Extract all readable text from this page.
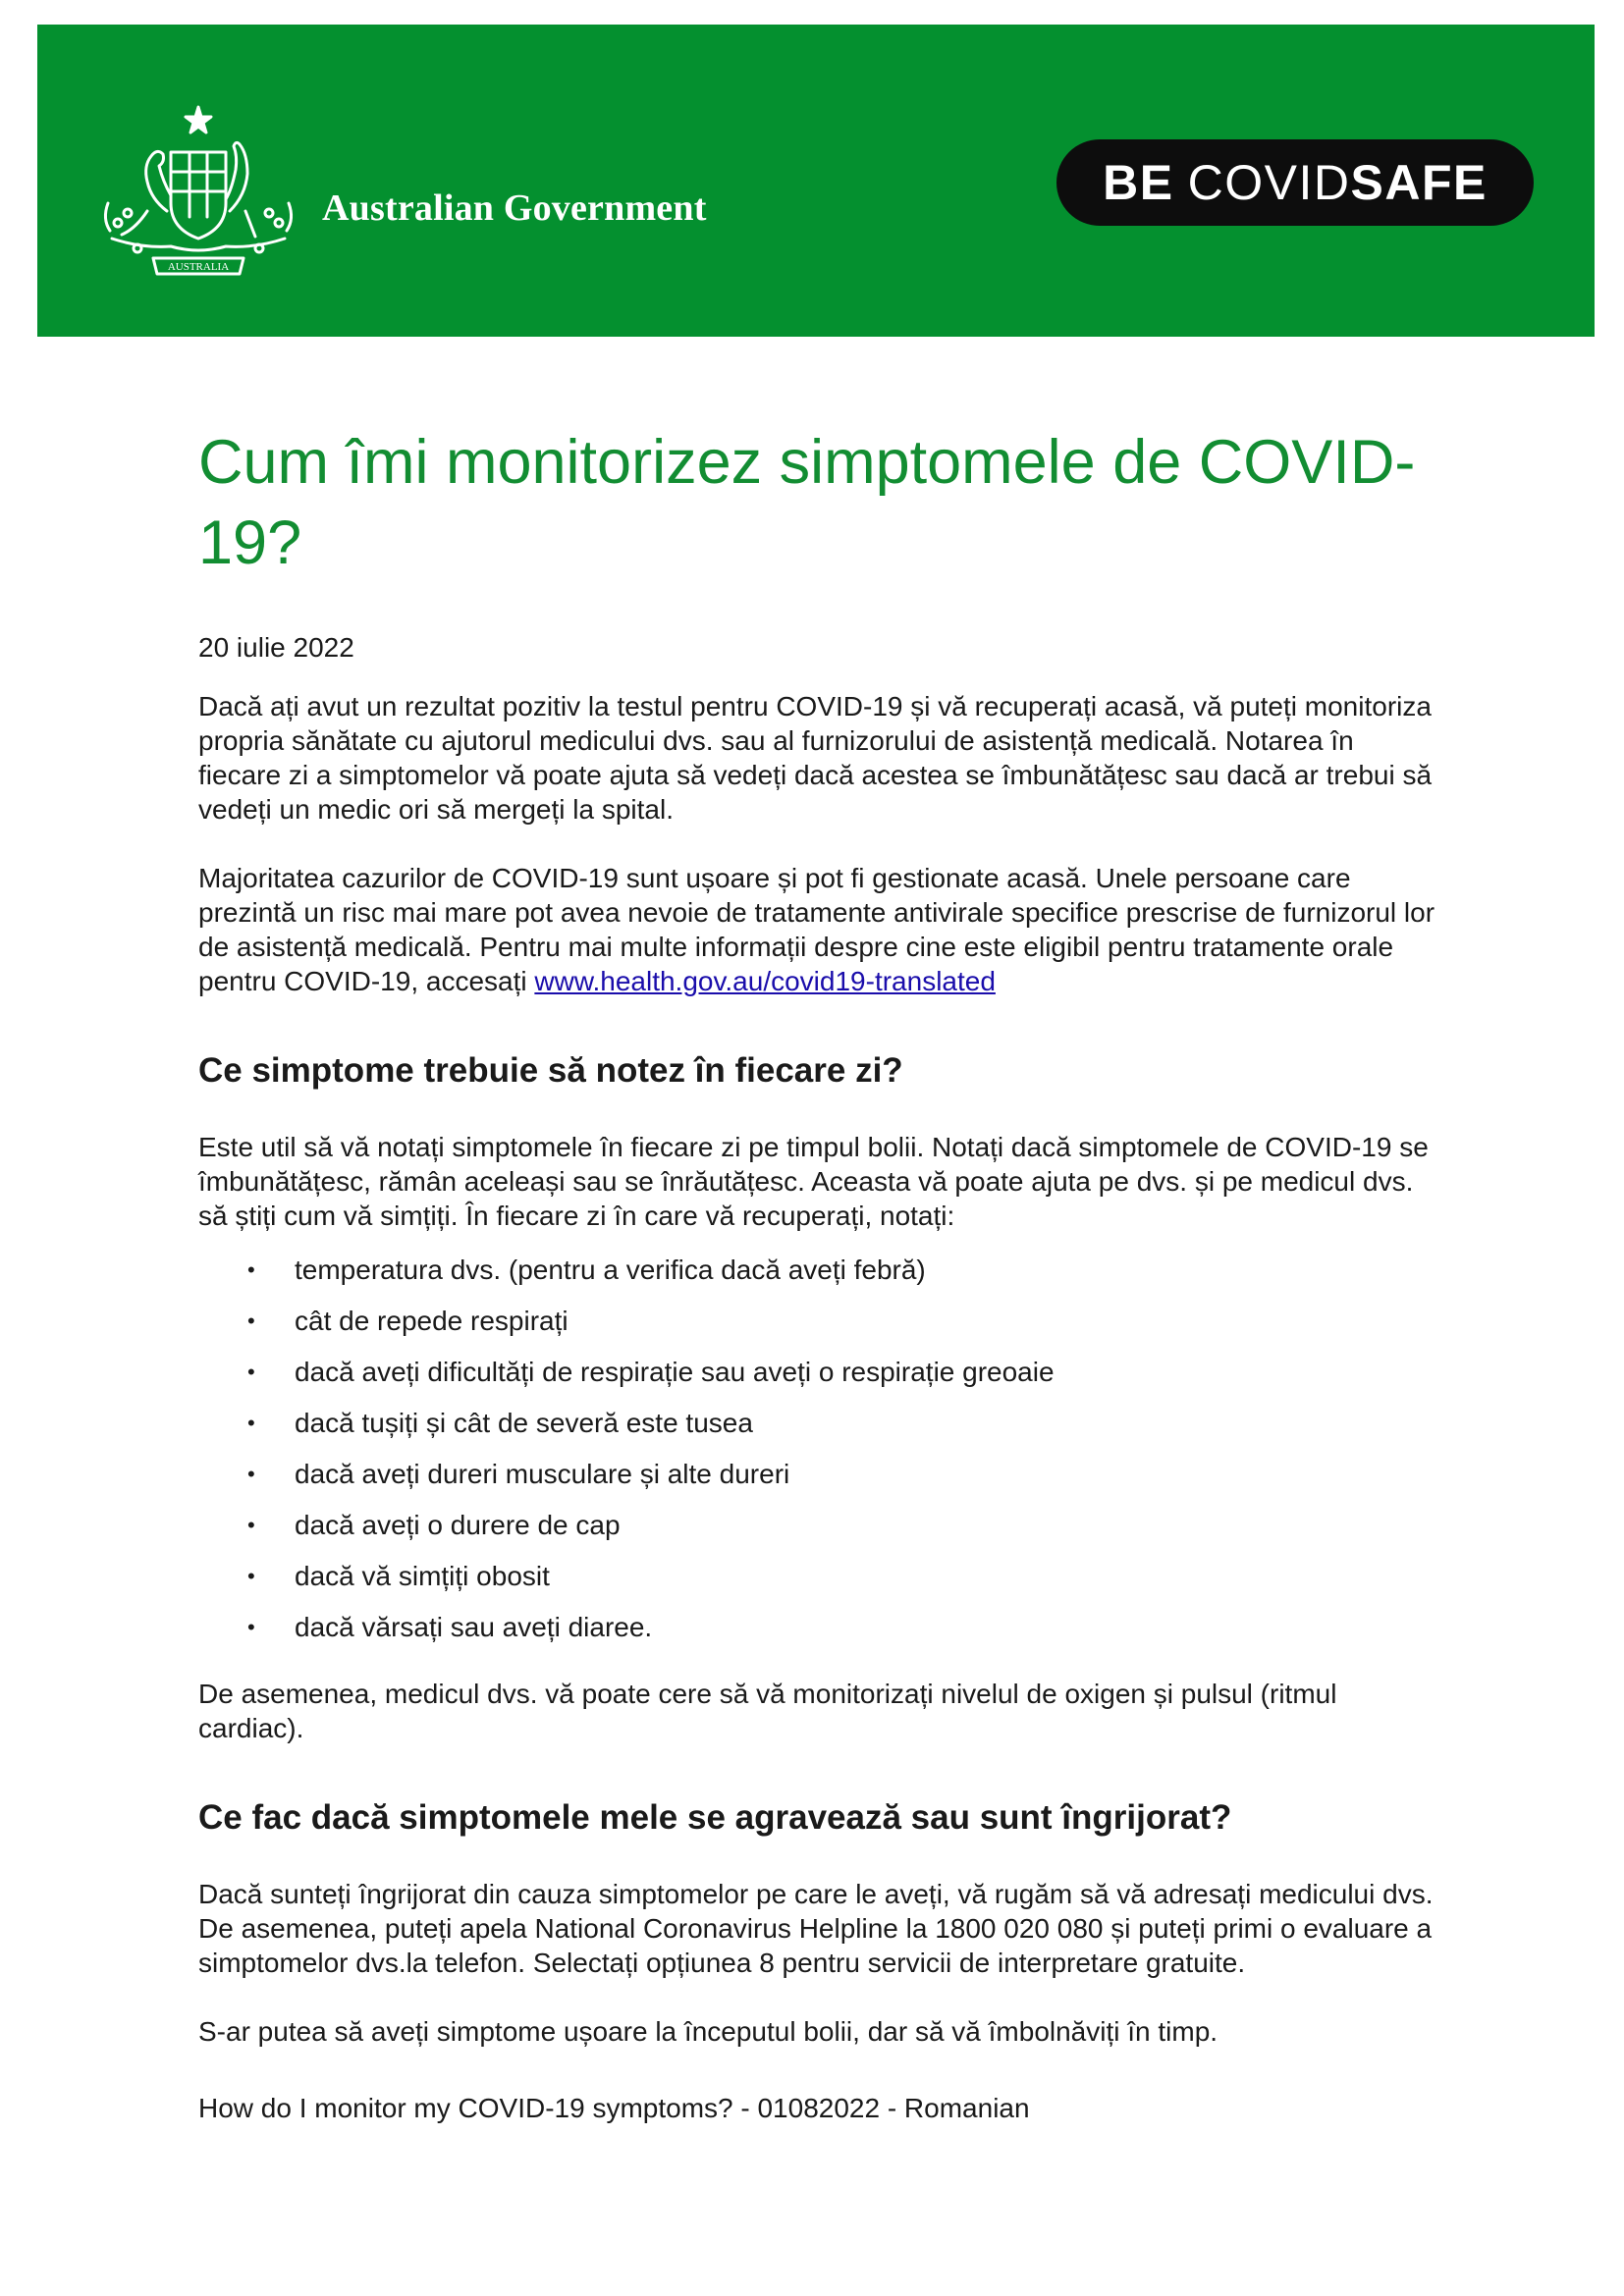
AUSTRALIA
Australian Government	BE COVID SAFE
Cum îmi monitorizez simptomele de COVID-19?

20 iulie 2022

Dacă ați avut un rezultat pozitiv la testul pentru COVID-19 și vă recuperați acasă, vă puteți monitoriza propria sănătate cu ajutorul medicului dvs. sau al furnizorului de asistență medicală. Notarea în fiecare zi a simptomelor vă poate ajuta să vedeți dacă acestea se îmbunătățesc sau dacă ar trebui să vedeți un medic ori să mergeți la spital.

Majoritatea cazurilor de COVID-19 sunt ușoare și pot fi gestionate acasă. Unele persoane care prezintă un risc mai mare pot avea nevoie de tratamente antivirale specifice prescrise de furnizorul lor de asistență medicală. Pentru mai multe informații despre cine este eligibil pentru tratamente orale pentru COVID-19, accesați www.health.gov.au/covid19-translated

Ce simptome trebuie să notez în fiecare zi?

Este util să vă notați simptomele în fiecare zi pe timpul bolii. Notați dacă simptomele de COVID-19 se îmbunătățesc, rămân aceleași sau se înrăutățesc. Aceasta vă poate ajuta pe dvs. și pe medicul dvs. să știți cum vă simțiți. În fiecare zi în care vă recuperați, notați:

• temperatura dvs. (pentru a verifica dacă aveți febră)
• cât de repede respirați
• dacă aveți dificultăți de respirație sau aveți o respirație greoaie
• dacă tușiți și cât de severă este tusea
• dacă aveți dureri musculare și alte dureri
• dacă aveți o durere de cap
• dacă vă simțiți obosit
• dacă vărsați sau aveți diaree.

De asemenea, medicul dvs. vă poate cere să vă monitorizați nivelul de oxigen și pulsul (ritmul cardiac).

Ce fac dacă simptomele mele se agravează sau sunt îngrijorat?

Dacă sunteți îngrijorat din cauza simptomelor pe care le aveți, vă rugăm să vă adresați medicului dvs. De asemenea, puteți apela National Coronavirus Helpline la 1800 020 080 și puteți primi o evaluare a simptomelor dvs.la telefon. Selectați opțiunea 8 pentru servicii de interpretare gratuite.

S-ar putea să aveți simptome ușoare la începutul bolii, dar să vă îmbolnăviți în timp.

How do I monitor my COVID-19 symptoms? - 01082022 - Romanian
